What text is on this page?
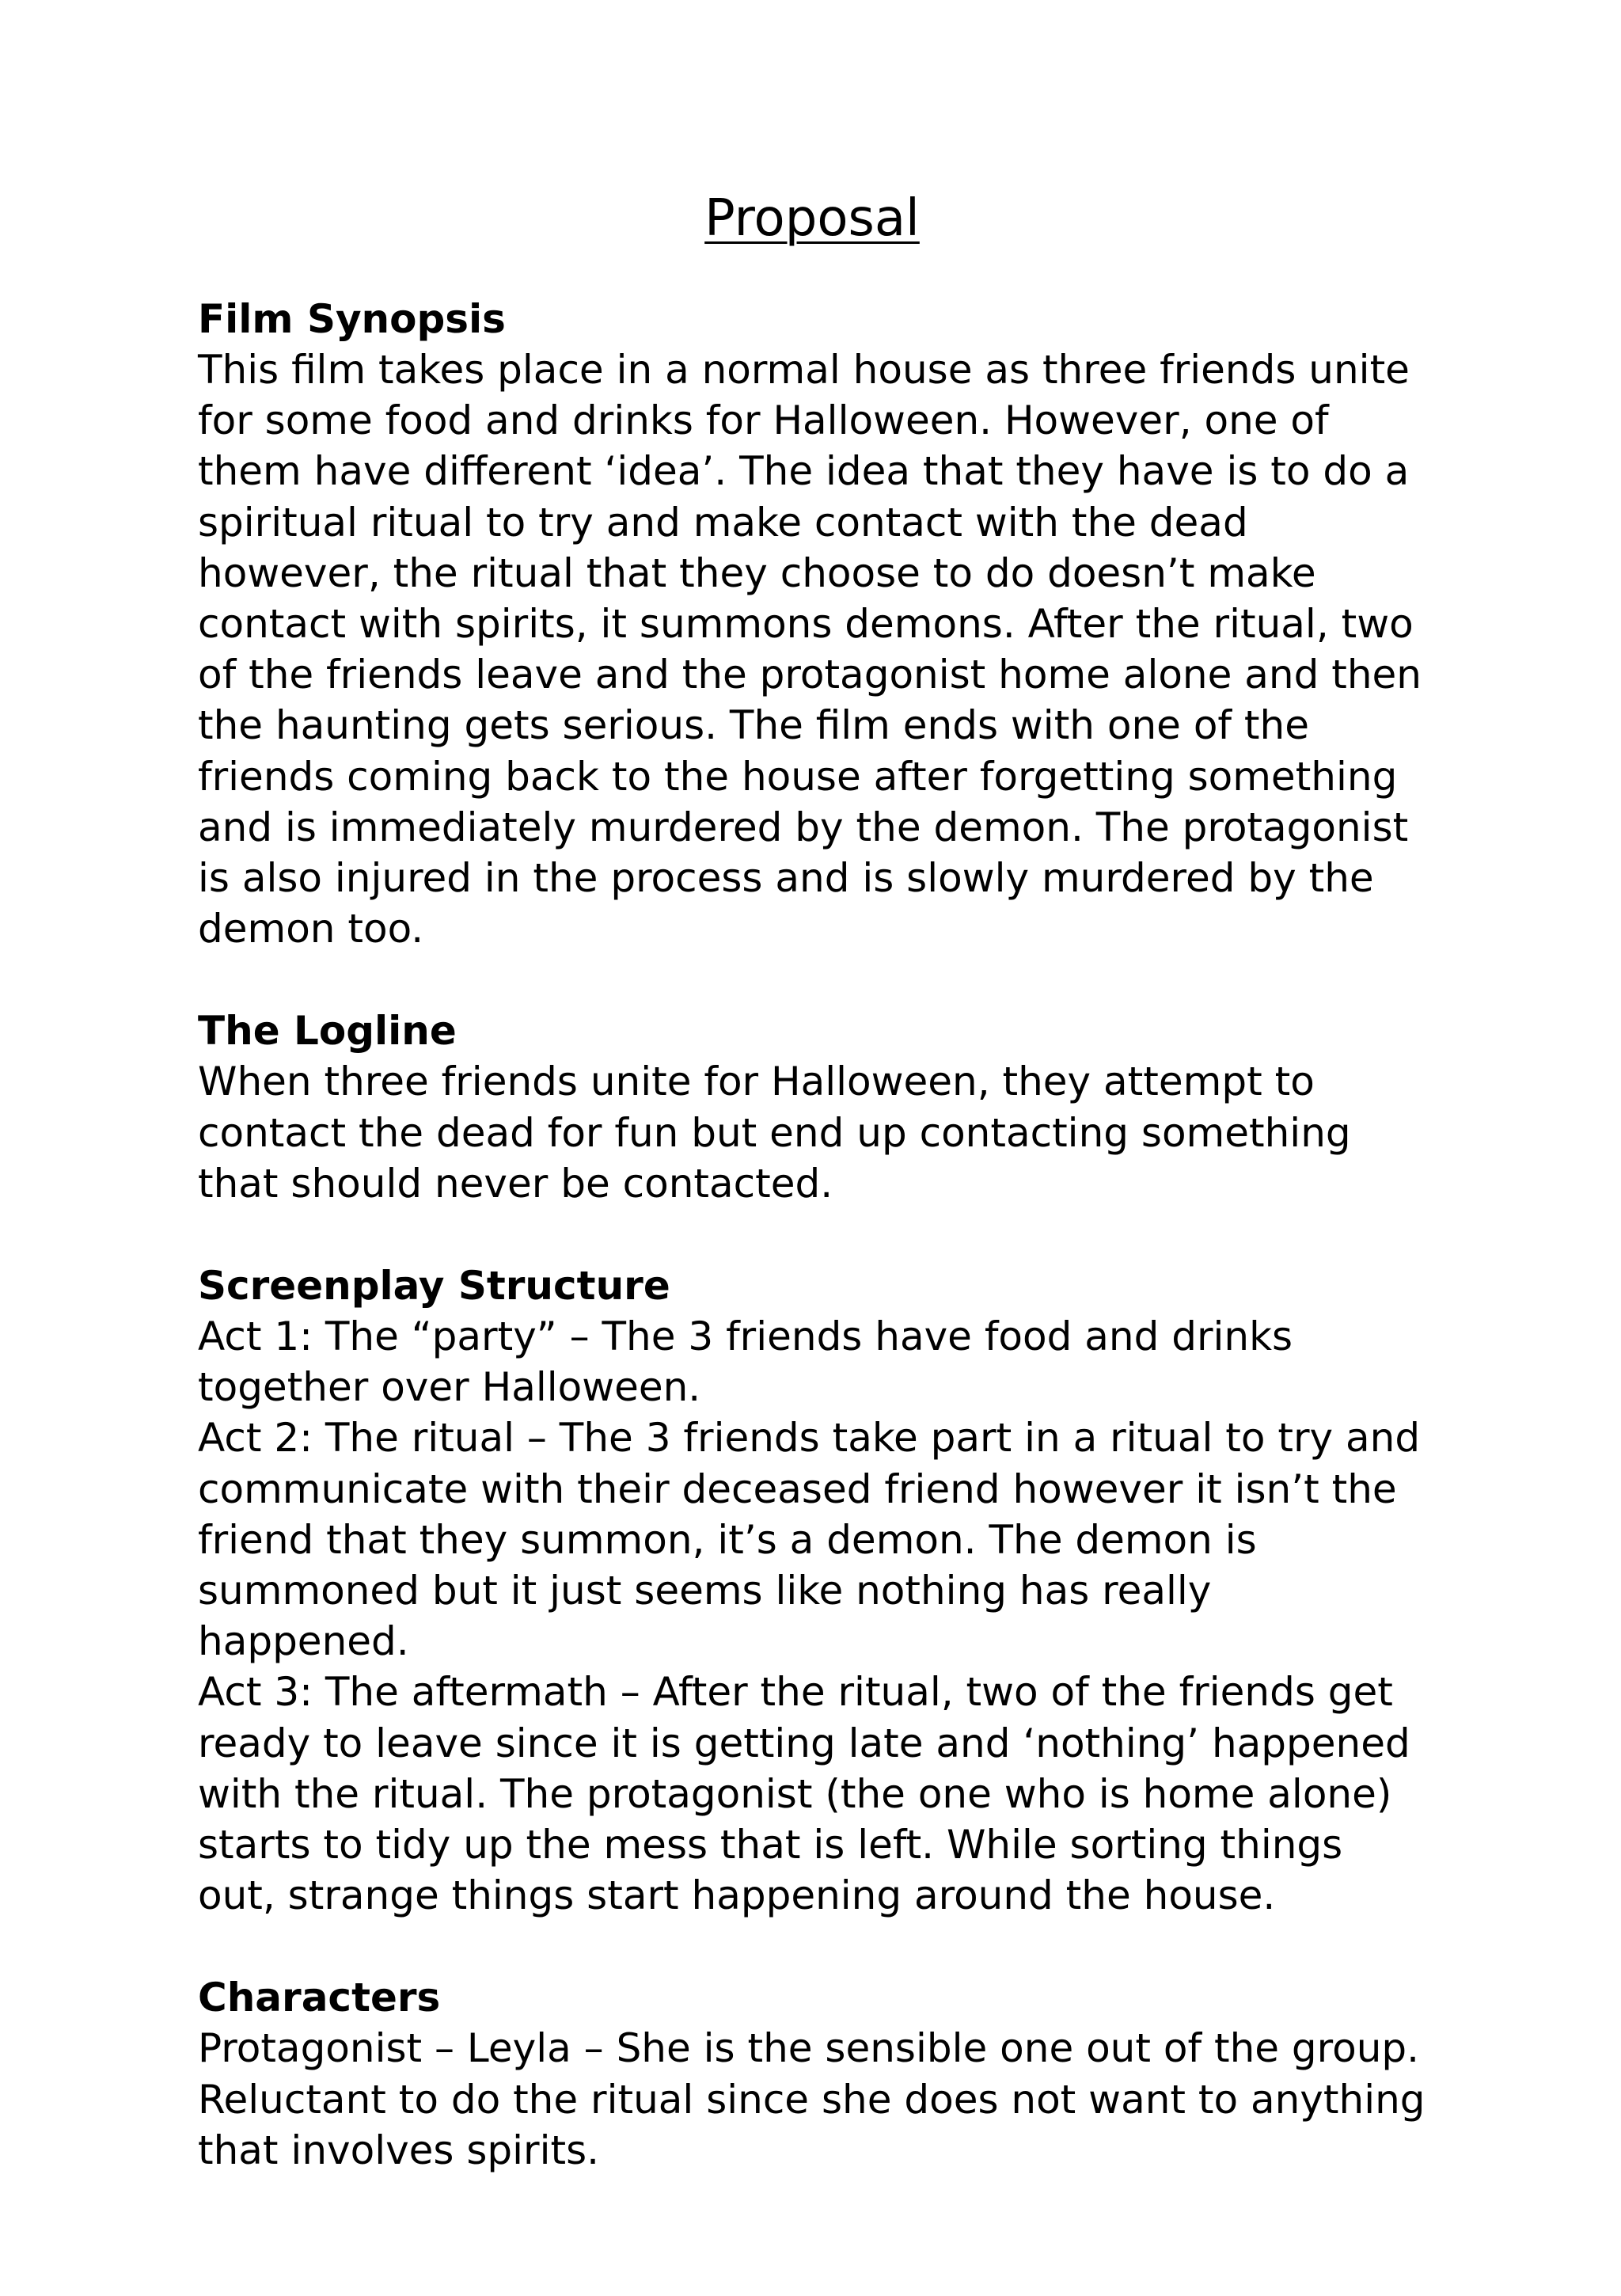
Proposal

Film Synopsis

This film takes place in a normal house as three friends unite for some food and drinks for Halloween. However, one of them have different ‘idea’. The idea that they have is to do a spiritual ritual to try and make contact with the dead however, the ritual that they choose to do doesn’t make contact with spirits, it summons demons. After the ritual, two of the friends leave and the protagonist home alone and then the haunting gets serious. The film ends with one of the friends coming back to the house after forgetting something and is immediately murdered by the demon. The protagonist is also injured in the process and is slowly murdered by the demon too.

The Logline

When three friends unite for Halloween, they attempt to contact the dead for fun but end up contacting something that should never be contacted.

Screenplay Structure

Act 1: The “party” – The 3 friends have food and drinks together over Halloween.

Act 2: The ritual – The 3 friends take part in a ritual to try and communicate with their deceased friend however it isn’t the friend that they summon, it’s a demon. The demon is summoned but it just seems like nothing has really happened.

Act 3: The aftermath – After the ritual, two of the friends get ready to leave since it is getting late and ‘nothing’ happened with the ritual. The protagonist (the one who is home alone) starts to tidy up the mess that is left. While sorting things out, strange things start happening around the house.

Characters

Protagonist – Leyla – She is the sensible one out of the group. Reluctant to do the ritual since she does not want to anything that involves spirits.
